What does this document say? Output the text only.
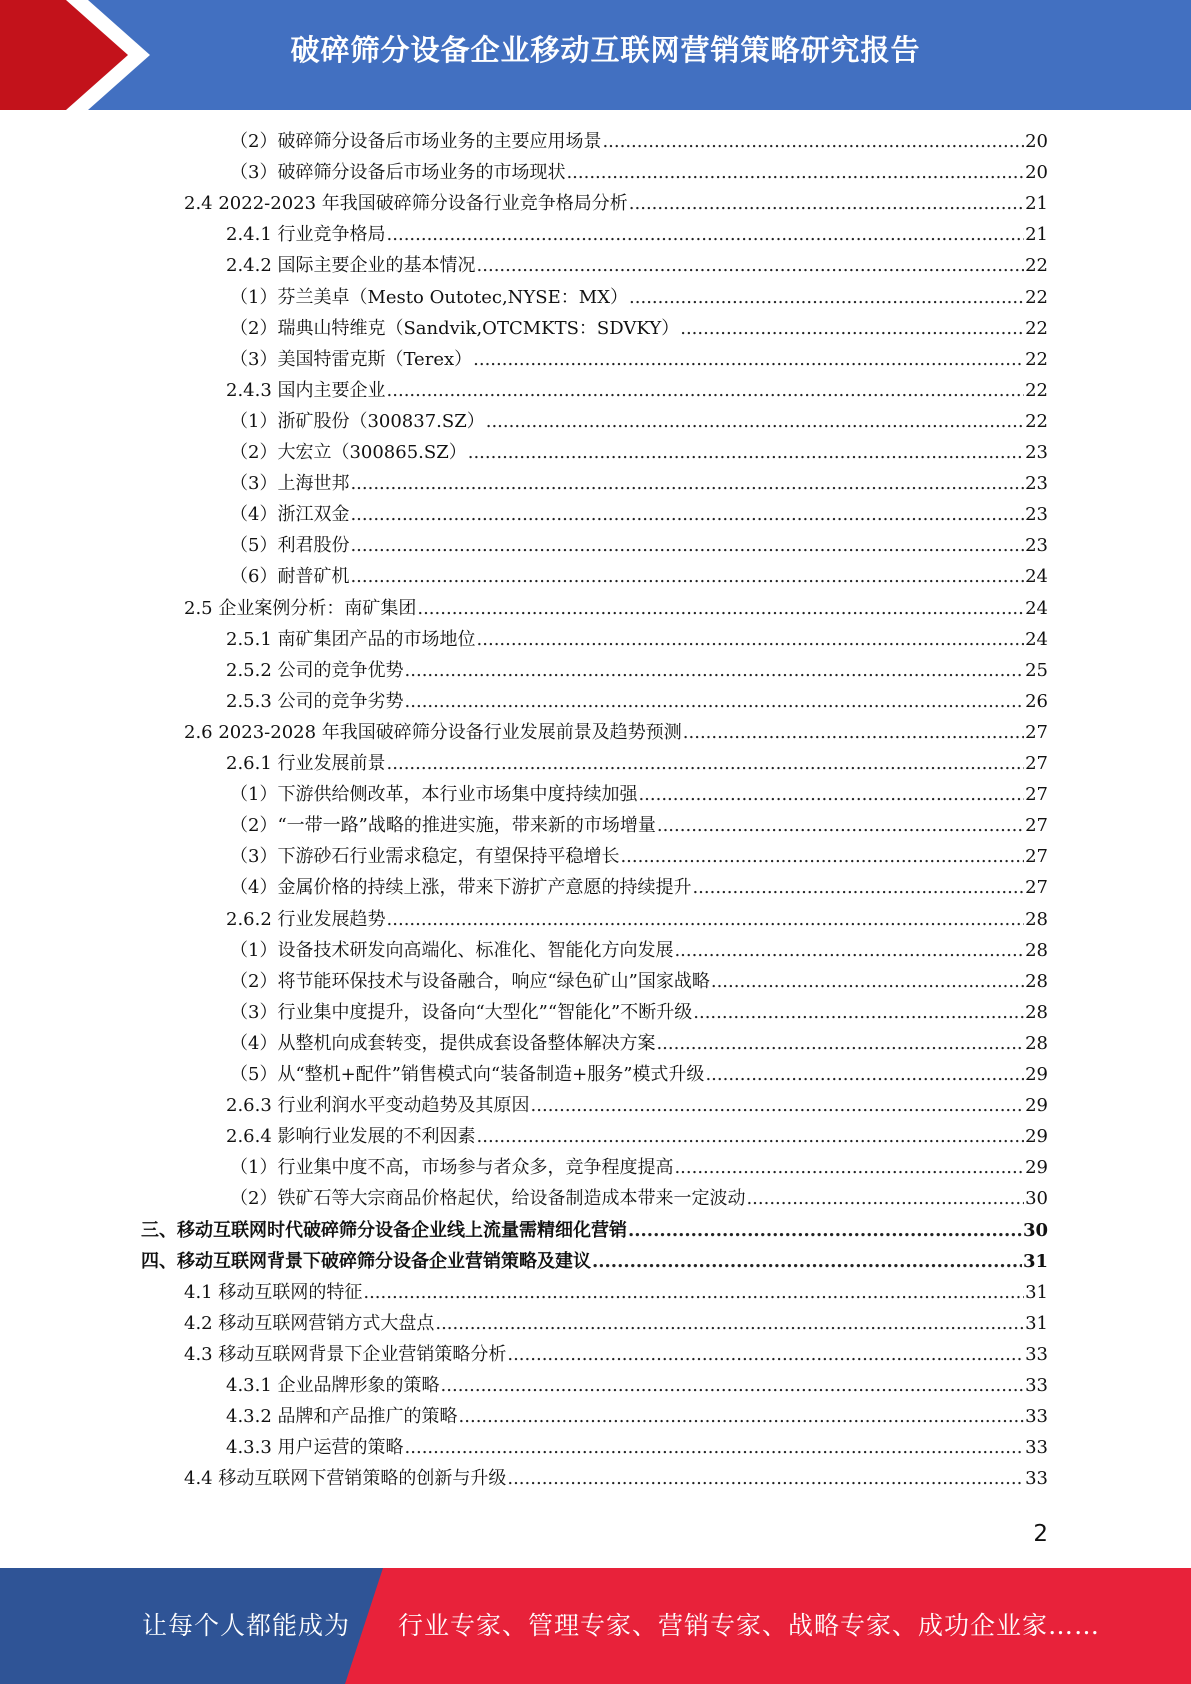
破碎筛分设备企业移动互联网营销策略研究报告
（2）破碎筛分设备后市场业务的主要应用场景 .....	20
（3）破碎筛分设备后市场业务的市场现状 .....	20
2.4 2022-2023 年我国破碎筛分设备行业竞争格局分析 .....	21
2.4.1 行业竞争格局 .....	21
2.4.2 国际主要企业的基本情况 .....	22
（1）芬兰美卓（Mesto Outotec,NYSE：MX） .....	22
（2）瑞典山特维克（Sandvik,OTCMKTS：SDVKY） .....	22
（3）美国特雷克斯（Terex） .....	22
2.4.3 国内主要企业 .....	22
（1）浙矿股份（300837.SZ） .....	22
（2）大宏立（300865.SZ） .....	23
（3）上海世邦 .....	23
（4）浙江双金 .....	23
（5）利君股份 .....	23
（6）耐普矿机 .....	24
2.5 企业案例分析：南矿集团 .....	24
2.5.1 南矿集团产品的市场地位 .....	24
2.5.2 公司的竞争优势 .....	25
2.5.3 公司的竞争劣势 .....	26
2.6 2023-2028 年我国破碎筛分设备行业发展前景及趋势预测 .....	27
2.6.1 行业发展前景 .....	27
（1）下游供给侧改革，本行业市场集中度持续加强 .....	27
（2）“一带一路”战略的推进实施，带来新的市场增量 .....	27
（3）下游砂石行业需求稳定，有望保持平稳增长 .....	27
（4）金属价格的持续上涨，带来下游扩产意愿的持续提升 .....	27
2.6.2 行业发展趋势 .....	28
（1）设备技术研发向高端化、标准化、智能化方向发展 .....	28
（2）将节能环保技术与设备融合，响应“绿色矿山”国家战略 .....	28
（3）行业集中度提升，设备向“大型化”“智能化”不断升级 .....	28
（4）从整机向成套转变，提供成套设备整体解决方案 .....	28
（5）从“整机+配件”销售模式向“装备制造+服务”模式升级 .....	29
2.6.3 行业利润水平变动趋势及其原因 .....	29
2.6.4 影响行业发展的不利因素 .....	29
（1）行业集中度不高，市场参与者众多，竞争程度提高 .....	29
（2）铁矿石等大宗商品价格起伏，给设备制造成本带来一定波动 .....	30
三、移动互联网时代破碎筛分设备企业线上流量需精细化营销 .....	30
四、移动互联网背景下破碎筛分设备企业营销策略及建议 .....	31
4.1 移动互联网的特征 .....	31
4.2 移动互联网营销方式大盘点 .....	31
4.3 移动互联网背景下企业营销策略分析 .....	33
4.3.1 企业品牌形象的策略 .....	33
4.3.2 品牌和产品推广的策略 .....	33
4.3.3 用户运营的策略 .....	33
4.4 移动互联网下营销策略的创新与升级 .....	33
2
让每个人都能成为 行业专家、管理专家、营销专家、战略专家、成功企业家……
